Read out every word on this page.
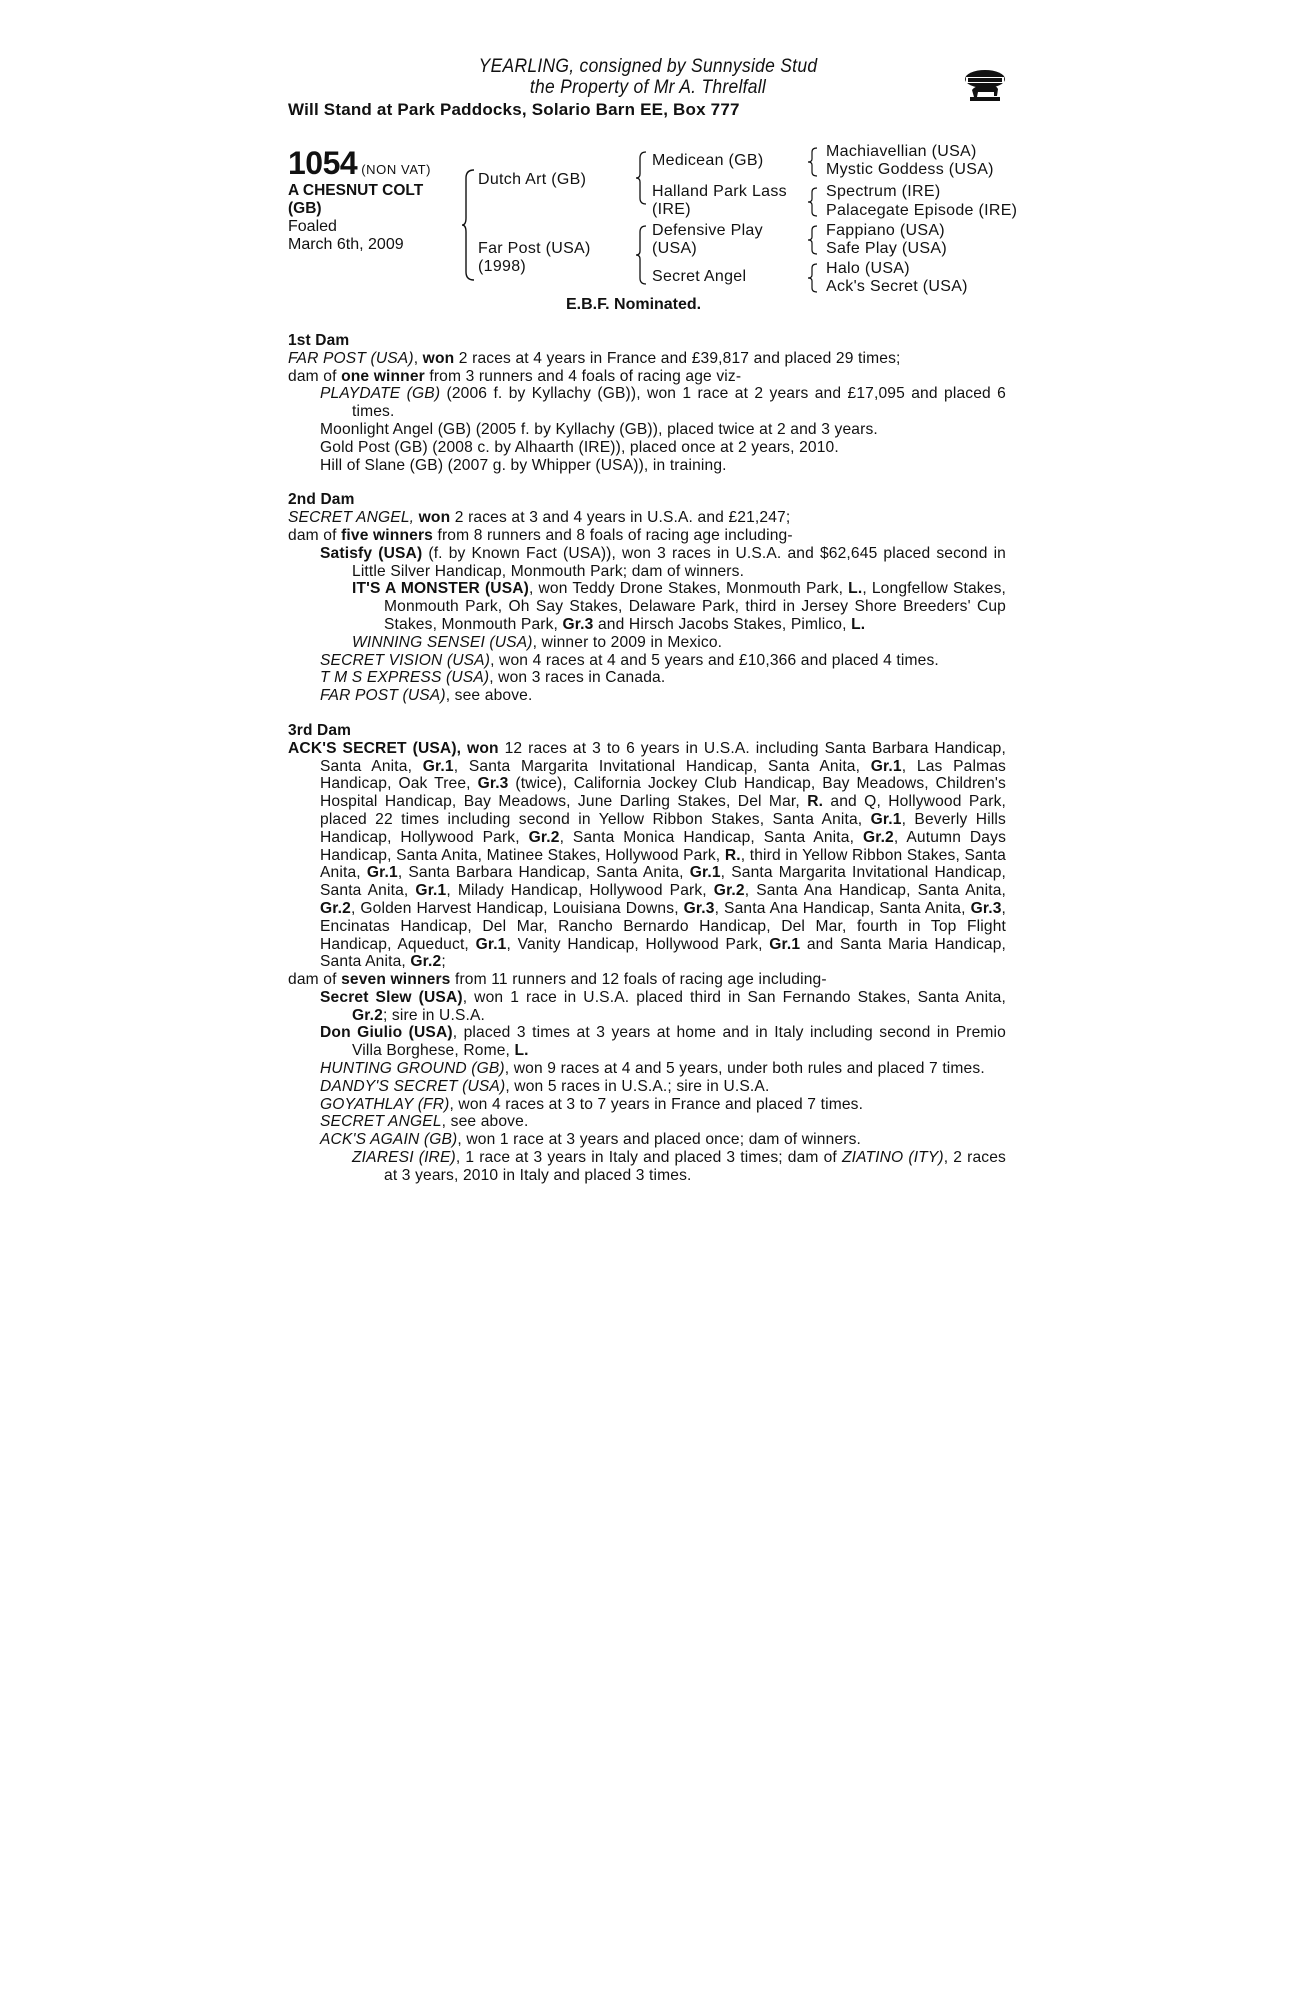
YEARLING, consigned by Sunnyside Stud
the Property of Mr A. Threlfall
Will Stand at Park Paddocks, Solario Barn EE, Box 777
1054 (NON VAT)
A CHESNUT COLT
(GB)
Foaled
March 6th, 2009
Dutch Art (GB)
Far Post (USA)
(1998)
Medicean (GB)
Halland Park Lass
(IRE)
Defensive Play
(USA)
Secret Angel
Machiavellian (USA)
Mystic Goddess (USA)
Spectrum (IRE)
Palacegate Episode (IRE)
Fappiano (USA)
Safe Play (USA)
Halo (USA)
Ack's Secret (USA)
E.B.F. Nominated.
1st Dam
FAR POST (USA), won 2 races at 4 years in France and £39,817 and placed 29 times;
dam of one winner from 3 runners and 4 foals of racing age viz-
PLAYDATE (GB) (2006 f. by Kyllachy (GB)), won 1 race at 2 years and £17,095 and placed 6 times.
Moonlight Angel (GB) (2005 f. by Kyllachy (GB)), placed twice at 2 and 3 years.
Gold Post (GB) (2008 c. by Alhaarth (IRE)), placed once at 2 years, 2010.
Hill of Slane (GB) (2007 g. by Whipper (USA)), in training.
2nd Dam
SECRET ANGEL, won 2 races at 3 and 4 years in U.S.A. and £21,247;
dam of five winners from 8 runners and 8 foals of racing age including-
Satisfy (USA) (f. by Known Fact (USA)), won 3 races in U.S.A. and $62,645 placed second in Little Silver Handicap, Monmouth Park; dam of winners.
IT'S A MONSTER (USA), won Teddy Drone Stakes, Monmouth Park, L., Longfellow Stakes, Monmouth Park, Oh Say Stakes, Delaware Park, third in Jersey Shore Breeders' Cup Stakes, Monmouth Park, Gr.3 and Hirsch Jacobs Stakes, Pimlico, L.
WINNING SENSEI (USA), winner to 2009 in Mexico.
SECRET VISION (USA), won 4 races at 4 and 5 years and £10,366 and placed 4 times.
T M S EXPRESS (USA), won 3 races in Canada.
FAR POST (USA), see above.
3rd Dam
ACK'S SECRET (USA), won 12 races at 3 to 6 years in U.S.A. including Santa Barbara Handicap, Santa Anita, Gr.1, Santa Margarita Invitational Handicap, Santa Anita, Gr.1, Las Palmas Handicap, Oak Tree, Gr.3 (twice), California Jockey Club Handicap, Bay Meadows, Children's Hospital Handicap, Bay Meadows, June Darling Stakes, Del Mar, R. and Q, Hollywood Park, placed 22 times including second in Yellow Ribbon Stakes, Santa Anita, Gr.1, Beverly Hills Handicap, Hollywood Park, Gr.2, Santa Monica Handicap, Santa Anita, Gr.2, Autumn Days Handicap, Santa Anita, Matinee Stakes, Hollywood Park, R., third in Yellow Ribbon Stakes, Santa Anita, Gr.1, Santa Barbara Handicap, Santa Anita, Gr.1, Santa Margarita Invitational Handicap, Santa Anita, Gr.1, Milady Handicap, Hollywood Park, Gr.2, Santa Ana Handicap, Santa Anita, Gr.2, Golden Harvest Handicap, Louisiana Downs, Gr.3, Santa Ana Handicap, Santa Anita, Gr.3, Encinatas Handicap, Del Mar, Rancho Bernardo Handicap, Del Mar, fourth in Top Flight Handicap, Aqueduct, Gr.1, Vanity Handicap, Hollywood Park, Gr.1 and Santa Maria Handicap, Santa Anita, Gr.2;
dam of seven winners from 11 runners and 12 foals of racing age including-
Secret Slew (USA), won 1 race in U.S.A. placed third in San Fernando Stakes, Santa Anita, Gr.2; sire in U.S.A.
Don Giulio (USA), placed 3 times at 3 years at home and in Italy including second in Premio Villa Borghese, Rome, L.
HUNTING GROUND (GB), won 9 races at 4 and 5 years, under both rules and placed 7 times.
DANDY'S SECRET (USA), won 5 races in U.S.A.; sire in U.S.A.
GOYATHLAY (FR), won 4 races at 3 to 7 years in France and placed 7 times.
SECRET ANGEL, see above.
ACK'S AGAIN (GB), won 1 race at 3 years and placed once; dam of winners.
ZIARESI (IRE), 1 race at 3 years in Italy and placed 3 times; dam of ZIATINO (ITY), 2 races at 3 years, 2010 in Italy and placed 3 times.
